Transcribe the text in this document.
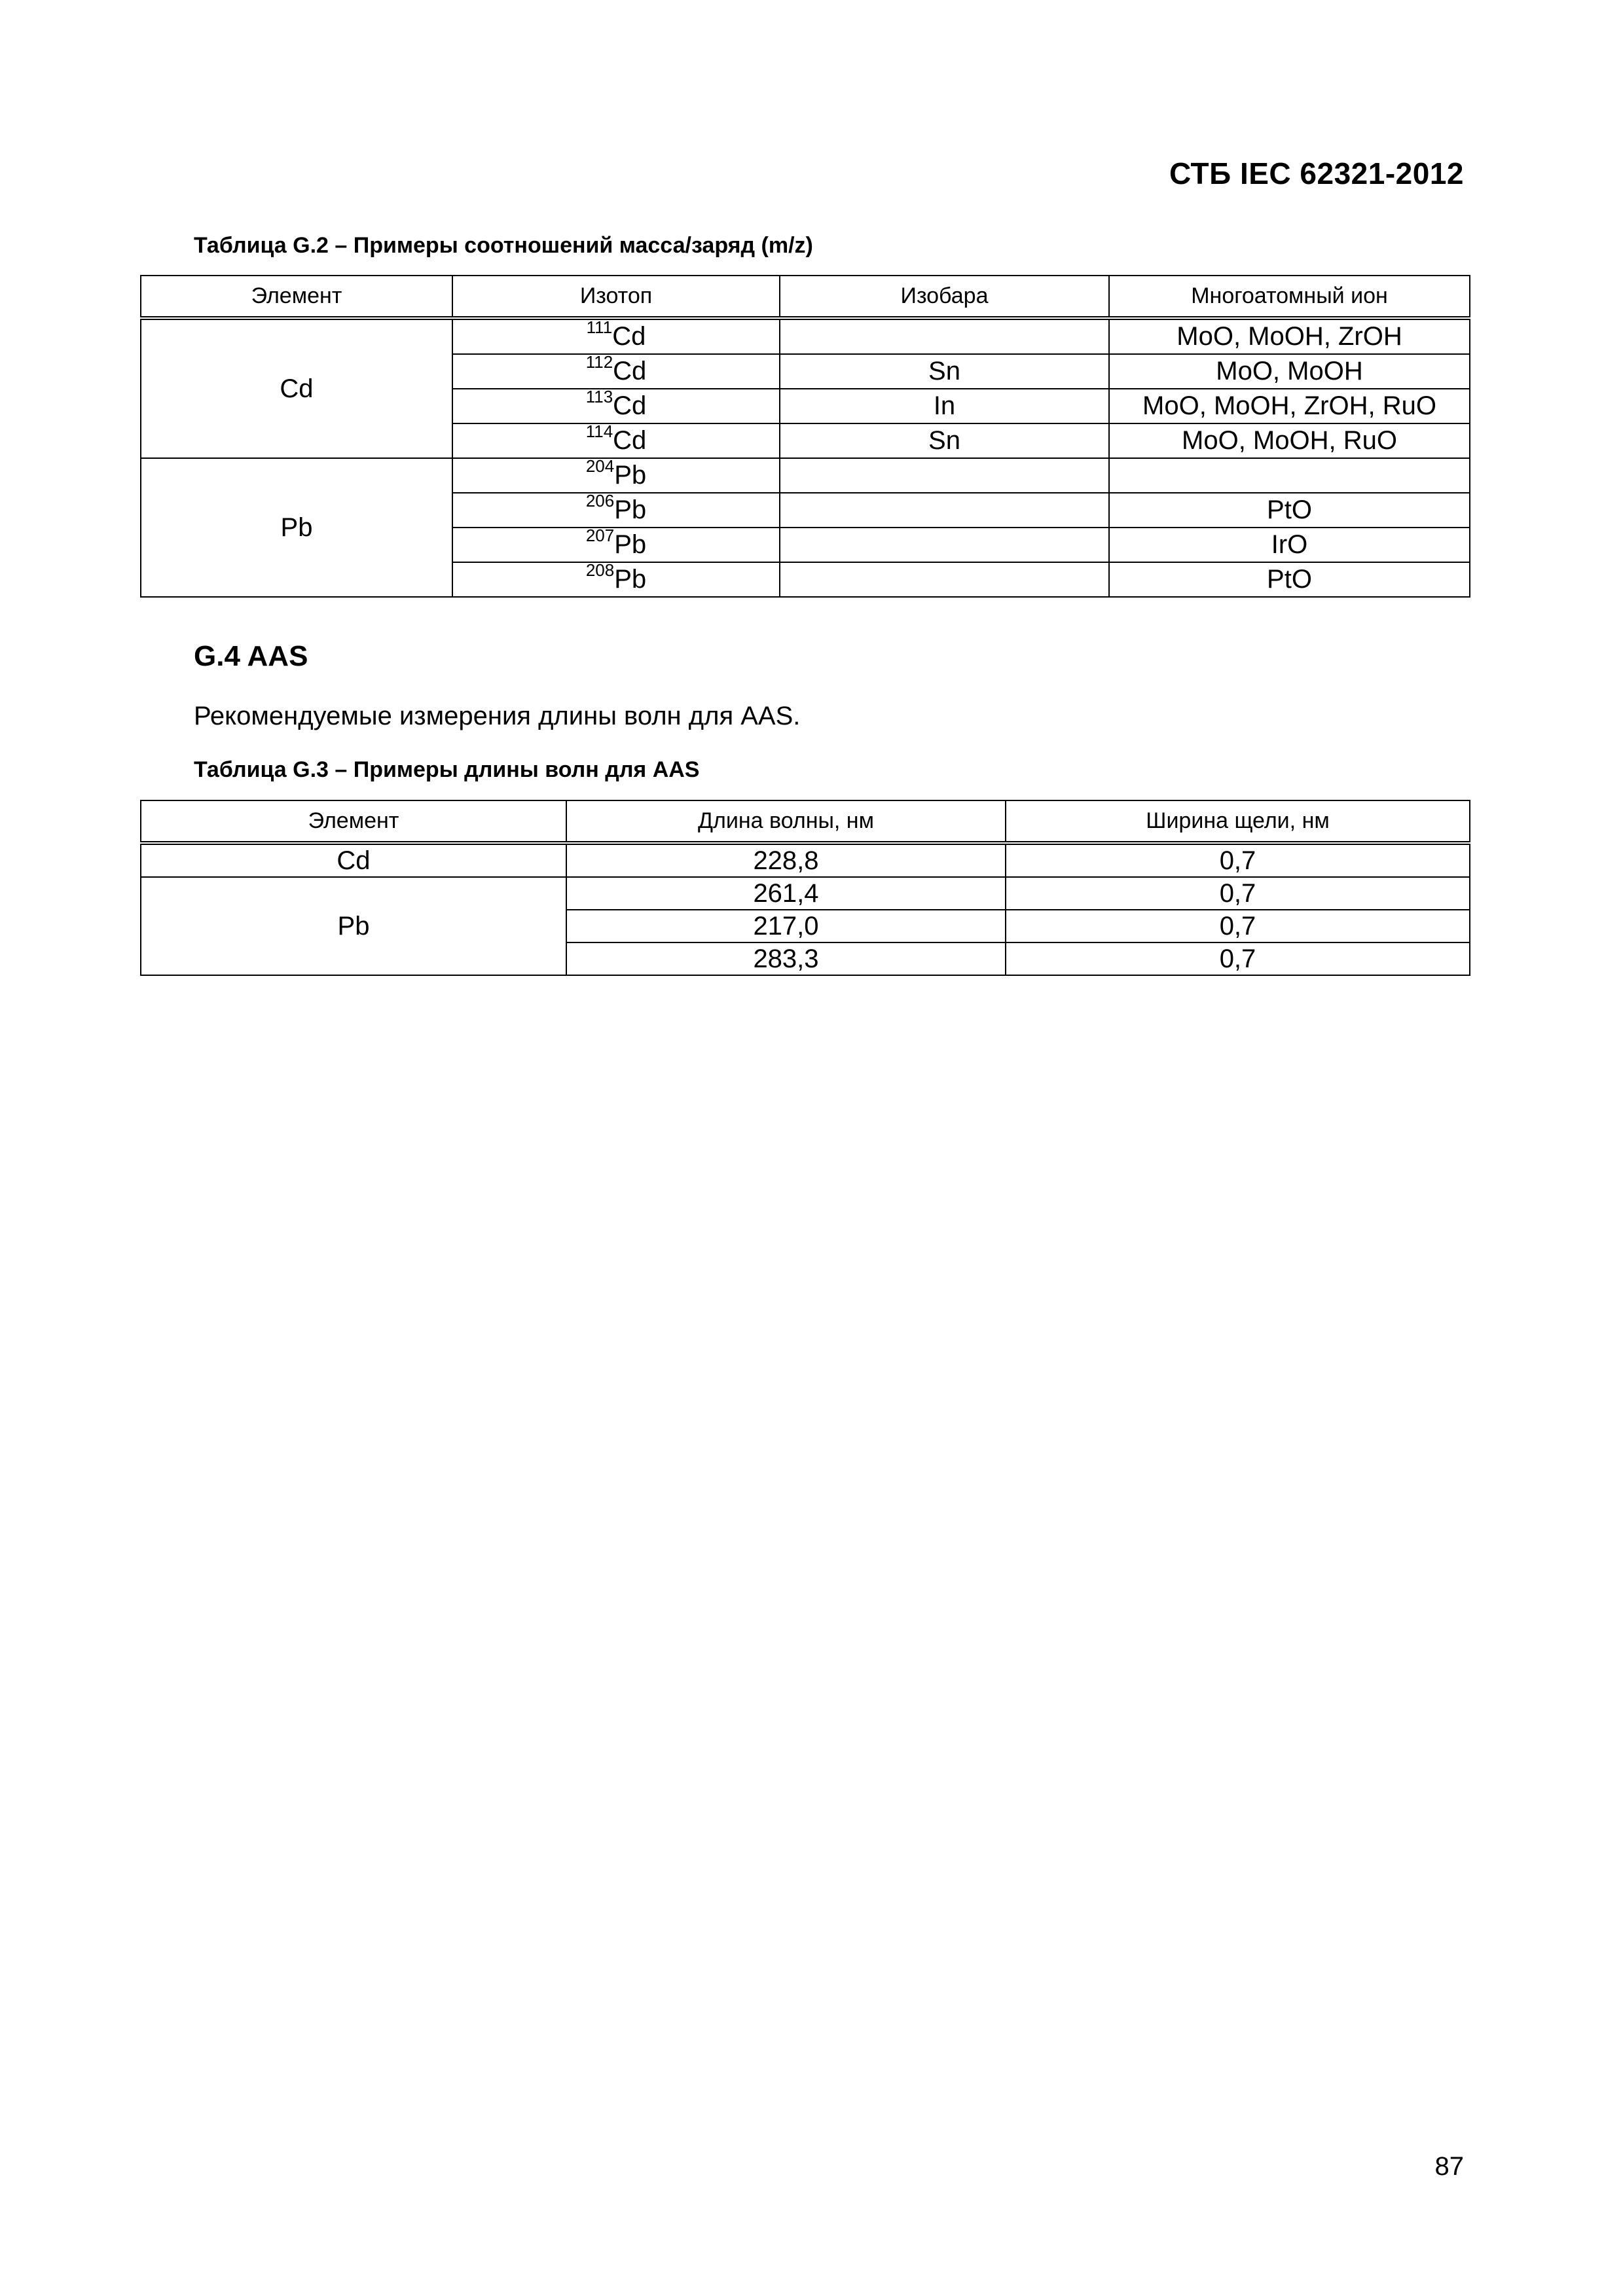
СТБ IEC 62321-2012
Таблица G.2 – Примеры соотношений масса/заряд (m/z)
Элемент	Изотоп	Изобара	Многоатомный ион
Cd	$^{111}$Cd		MoO, MoOH, ZrOH
	$^{112}$Cd	Sn	MoO, MoOH
	$^{113}$Cd	In	MoO, MoOH, ZrOH, RuO
	$^{114}$Cd	Sn	MoO, MoOH, RuO
Pb	$^{204}$Pb		
	$^{206}$Pb		PtO
	$^{207}$Pb		IrO
	$^{208}$Pb		PtO
G.4 AAS
Рекомендуемые измерения длины волн для AAS.
Таблица G.3 – Примеры длины волн для AAS
Элемент	Длина волны, нм	Ширина щели, нм
Cd	228,8	0,7
Pb	261,4	0,7
	217,0	0,7
	283,3	0,7
87
